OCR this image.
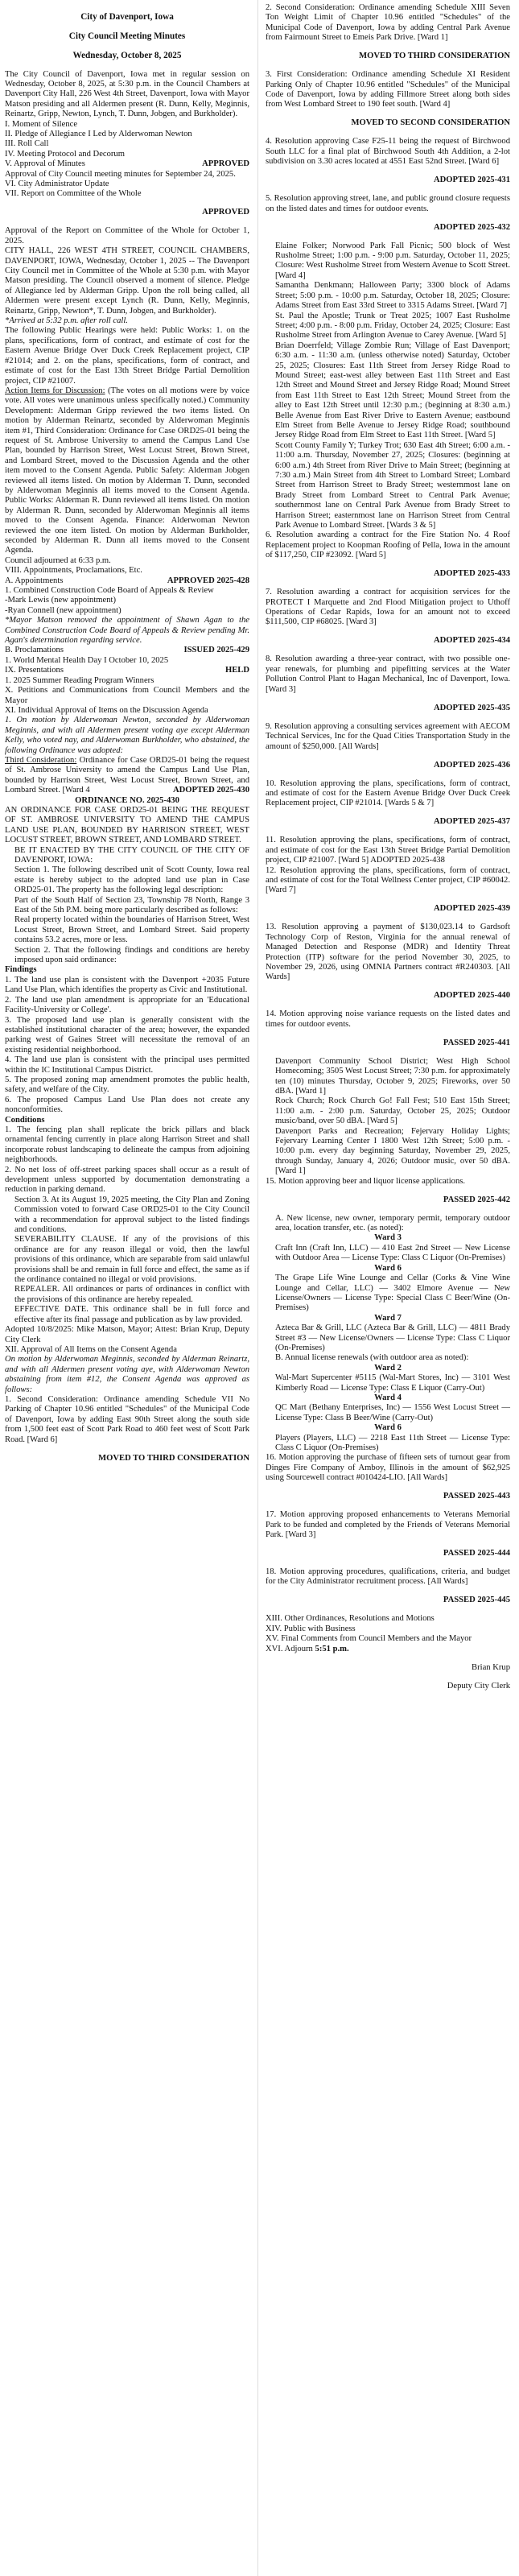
City of Davenport, Iowa

City Council Meeting Minutes

Wednesday, October 8, 2025

The City Council of Davenport, Iowa met in regular session on Wednesday, October 8, 2025, at 5:30 p.m. in the Council Chambers at Davenport City Hall, 226 West 4th Street, Davenport, Iowa with Mayor Matson presiding and all Aldermen present (R. Dunn, Kelly, Meginnis, Reinartz, Gripp, Newton, Lynch, T. Dunn, Jobgen, and Burkholder).

I. Moment of Silence

II. Pledge of Allegiance I Led by Alderwoman Newton

III. Roll Call

IV. Meeting Protocol and Decorum

V. Approval of Minutes	APPROVED

Approval of City Council meeting minutes for September 24, 2025.

VI. City Administrator Update

VII. Report on Committee of the Whole

APPROVED

Approval of the Report on Committee of the Whole for October 1, 2025.

CITY HALL, 226 WEST 4TH STREET, COUNCIL CHAMBERS, DAVENPORT, IOWA, Wednesday, October 1, 2025 -- The Davenport City Council met in Committee of the Whole at 5:30 p.m. with Mayor Matson presiding. The Council observed a moment of silence. Pledge of Allegiance led by Alderman Gripp. Upon the roll being called, all Aldermen were present except Lynch (R. Dunn, Kelly, Meginnis, Reinartz, Gripp, Newton*, T. Dunn, Jobgen, and Burkholder).

*Arrived at 5:32 p.m. after roll call.

The following Public Hearings were held: Public Works: 1. on the plans, specifications, form of contract, and estimate of cost for the Eastern Avenue Bridge Over Duck Creek Replacement project, CIP #21014; and 2. on the plans, specifications, form of contract, and estimate of cost for the East 13th Street Bridge Partial Demolition project, CIP #21007.

Action Items for Discussion: (The votes on all motions were by voice vote. All votes were unanimous unless specifically noted.) Community Development: Alderman Gripp reviewed the two items listed. On motion by Alderman Reinartz, seconded by Alderwoman Meginnis item #1, Third Consideration: Ordinance for Case ORD25-01 being the request of St. Ambrose University to amend the Campus Land Use Plan, bounded by Harrison Street, West Locust Street, Brown Street, and Lombard Street, moved to the Discussion Agenda and the other item moved to the Consent Agenda. Public Safety: Alderman Jobgen reviewed all items listed. On motion by Alderman T. Dunn, seconded by Alderwoman Meginnis all items moved to the Consent Agenda. Public Works: Alderman R. Dunn reviewed all items listed. On motion by Alderman R. Dunn, seconded by Alderwoman Meginnis all items moved to the Consent Agenda. Finance: Alderwoman Newton reviewed the one item listed. On motion by Alderman Burkholder, seconded by Alderman R. Dunn all items moved to the Consent Agenda.

Council adjourned at 6:33 p.m.

VIII. Appointments, Proclamations, Etc.

A. Appointments	APPROVED 2025-428

1. Combined Construction Code Board of Appeals & Review

-Mark Lewis (new appointment)

-Ryan Connell (new appointment)

*Mayor Matson removed the appointment of Shawn Agan to the Combined Construction Code Board of Appeals & Review pending Mr. Agan's determination regarding service.

B. Proclamations	ISSUED 2025-429

1. World Mental Health Day I October 10, 2025

IX. Presentations	HELD

1. 2025 Summer Reading Program Winners

X. Petitions and Communications from Council Members and the Mayor

XI. Individual Approval of Items on the Discussion Agenda

1. On motion by Alderwoman Newton, seconded by Alderwoman Meginnis, and with all Aldermen present voting aye except Alderman Kelly, who voted nay, and Alderwoman Burkholder, who abstained, the following Ordinance was adopted:

Third Consideration: Ordinance for Case ORD25-01 being the request of St. Ambrose University to amend the Campus Land Use Plan, bounded by Harrison Street, West Locust Street, Brown Street, and Lombard Street. [Ward 4	ADOPTED 2025-430

ORDINANCE NO. 2025-430

AN ORDINANCE FOR CASE ORD25-01 BEING THE REQUEST OF ST. AMBROSE UNIVERSITY TO AMEND THE CAMPUS LAND USE PLAN, BOUNDED BY HARRISON STREET, WEST LOCUST STREET, BROWN STREET, AND LOMBARD STREET.

BE IT ENACTED BY THE CITY COUNCIL OF THE CITY OF DAVENPORT, IOWA:

Section 1. The following described unit of Scott County, Iowa real estate is hereby subject to the adopted land use plan in Case ORD25-01. The property has the following legal description:

Part of the South Half of Section 23, Township 78 North, Range 3 East of the 5th P.M. being more particularly described as follows:

Real property located within the boundaries of Harrison Street, West Locust Street, Brown Street, and Lombard Street. Said property contains 53.2 acres, more or less.

Section 2. That the following findings and conditions are hereby imposed upon said ordinance:

Findings

1. The land use plan is consistent with the Davenport +2035 Future Land Use Plan, which identifies the property as Civic and Institutional.

2. The land use plan amendment is appropriate for an 'Educational Facility-University or College'.

3. The proposed land use plan is generally consistent with the established institutional character of the area; however, the expanded parking west of Gaines Street will necessitate the removal of an existing residential neighborhood.

4. The land use plan is consistent with the principal uses permitted within the IC Institutional Campus District.

5. The proposed zoning map amendment promotes the public health, safety, and welfare of the City.

6. The proposed Campus Land Use Plan does not create any nonconformities.

Conditions

1. The fencing plan shall replicate the brick pillars and black ornamental fencing currently in place along Harrison Street and shall incorporate robust landscaping to delineate the campus from adjoining neighborhoods.

2. No net loss of off-street parking spaces shall occur as a result of development unless supported by documentation demonstrating a reduction in parking demand.

Section 3. At its August 19, 2025 meeting, the City Plan and Zoning Commission voted to forward Case ORD25-01 to the City Council with a recommendation for approval subject to the listed findings and conditions.

SEVERABILITY CLAUSE. If any of the provisions of this ordinance are for any reason illegal or void, then the lawful provisions of this ordinance, which are separable from said unlawful provisions shall be and remain in full force and effect, the same as if the ordinance contained no illegal or void provisions.

REPEALER. All ordinances or parts of ordinances in conflict with the provisions of this ordinance are hereby repealed.

EFFECTIVE DATE. This ordinance shall be in full force and effective after its final passage and publication as by law provided.

Adopted 10/8/2025: Mike Matson, Mayor; Attest: Brian Krup, Deputy City Clerk

XII. Approval of All Items on the Consent Agenda

On motion by Alderwoman Meginnis, seconded by Alderman Reinartz, and with all Aldermen present voting aye, with Alderwoman Newton abstaining from item #12, the Consent Agenda was approved as follows:

1. Second Consideration: Ordinance amending Schedule VII No Parking of Chapter 10.96 entitled "Schedules" of the Municipal Code of Davenport, Iowa by adding East 90th Street along the south side from 1,500 feet east of Scott Park Road to 460 feet west of Scott Park Road. [Ward 6]

MOVED TO THIRD CONSIDERATION

2. Second Consideration: Ordinance amending Schedule XIII Seven Ton Weight Limit of Chapter 10.96 entitled "Schedules" of the Municipal Code of Davenport, Iowa by adding Central Park Avenue from Fairmount Street to Emeis Park Drive. [Ward 1]

MOVED TO THIRD CONSIDERATION

3. First Consideration: Ordinance amending Schedule XI Resident Parking Only of Chapter 10.96 entitled "Schedules" of the Municipal Code of Davenport, Iowa by adding Fillmore Street along both sides from West Lombard Street to 190 feet south. [Ward 4]

MOVED TO SECOND CONSIDERATION

4. Resolution approving Case F25-11 being the request of Birchwood South LLC for a final plat of Birchwood South 4th Addition, a 2-lot subdivision on 3.30 acres located at 4551 East 52nd Street. [Ward 6]

ADOPTED 2025-431

5. Resolution approving street, lane, and public ground closure requests on the listed dates and times for outdoor events.

ADOPTED 2025-432

Elaine Folker; Norwood Park Fall Picnic; 500 block of West Rusholme Street; 1:00 p.m. - 9:00 p.m. Saturday, October 11, 2025; Closure: West Rusholme Street from Western Avenue to Scott Street. [Ward 4]

Samantha Denkmann; Halloween Party; 3300 block of Adams Street; 5:00 p.m. - 10:00 p.m. Saturday, October 18, 2025; Closure: Adams Street from East 33rd Street to 3315 Adams Street. [Ward 7]

St. Paul the Apostle; Trunk or Treat 2025; 1007 East Rusholme Street; 4:00 p.m. - 8:00 p.m. Friday, October 24, 2025; Closure: East Rusholme Street from Arlington Avenue to Carey Avenue. [Ward 5]

Brian Doerrfeld; Village Zombie Run; Village of East Davenport; 6:30 a.m. - 11:30 a.m. (unless otherwise noted) Saturday, October 25, 2025; Closures: East 11th Street from Jersey Ridge Road to Mound Street; east-west alley between East 11th Street and East 12th Street and Mound Street and Jersey Ridge Road; Mound Street from East 11th Street to East 12th Street; Mound Street from the alley to East 12th Street until 12:30 p.m.; (beginning at 8:30 a.m.) Belle Avenue from East River Drive to Eastern Avenue; eastbound Elm Street from Belle Avenue to Jersey Ridge Road; southbound Jersey Ridge Road from Elm Street to East 11th Street. [Ward 5]

Scott County Family Y; Turkey Trot; 630 East 4th Street; 6:00 a.m. - 11:00 a.m. Thursday, November 27, 2025; Closures: (beginning at 6:00 a.m.) 4th Street from River Drive to Main Street; (beginning at 7:30 a.m.) Main Street from 4th Street to Lombard Street; Lombard Street from Harrison Street to Brady Street; westernmost lane on Brady Street from Lombard Street to Central Park Avenue; southernmost lane on Central Park Avenue from Brady Street to Harrison Street; easternmost lane on Harrison Street from Central Park Avenue to Lombard Street. [Wards 3 & 5]

6. Resolution awarding a contract for the Fire Station No. 4 Roof Replacement project to Koopman Roofing of Pella, Iowa in the amount of $117,250, CIP #23092. [Ward 5]

ADOPTED 2025-433

7. Resolution awarding a contract for acquisition services for the PROTECT I Marquette and 2nd Flood Mitigation project to Uthoff Operations of Cedar Rapids, Iowa for an amount not to exceed $111,500, CIP #68025. [Ward 3]

ADOPTED 2025-434

8. Resolution awarding a three-year contract, with two possible one-year renewals, for plumbing and pipefitting services at the Water Pollution Control Plant to Hagan Mechanical, Inc of Davenport, Iowa. [Ward 3]

ADOPTED 2025-435

9. Resolution approving a consulting services agreement with AECOM Technical Services, Inc for the Quad Cities Transportation Study in the amount of $250,000. [All Wards]

ADOPTED 2025-436

10. Resolution approving the plans, specifications, form of contract, and estimate of cost for the Eastern Avenue Bridge Over Duck Creek Replacement project, CIP #21014. [Wards 5 & 7]

ADOPTED 2025-437

11. Resolution approving the plans, specifications, form of contract, and estimate of cost for the East 13th Street Bridge Partial Demolition project, CIP #21007. [Ward 5] ADOPTED 2025-438

12. Resolution approving the plans, specifications, form of contract, and estimate of cost for the Total Wellness Center project, CIP #60042. [Ward 7]

ADOPTED 2025-439

13. Resolution approving a payment of $130,023.14 to Gardsoft Technology Corp of Reston, Virginia for the annual renewal of Managed Detection and Response (MDR) and Identity Threat Protection (ITP) software for the period November 30, 2025, to November 29, 2026, using OMNIA Partners contract #R240303. [All Wards]

ADOPTED 2025-440

14. Motion approving noise variance requests on the listed dates and times for outdoor events.

PASSED 2025-441

Davenport Community School District; West High School Homecoming; 3505 West Locust Street; 7:30 p.m. for approximately ten (10) minutes Thursday, October 9, 2025; Fireworks, over 50 dBA. [Ward 1]

Rock Church; Rock Church Go! Fall Fest; 510 East 15th Street; 11:00 a.m. - 2:00 p.m. Saturday, October 25, 2025; Outdoor music/band, over 50 dBA. [Ward 5]

Davenport Parks and Recreation; Fejervary Holiday Lights; Fejervary Learning Center I 1800 West 12th Street; 5:00 p.m. - 10:00 p.m. every day beginning Saturday, November 29, 2025, through Sunday, January 4, 2026; Outdoor music, over 50 dBA. [Ward 1]

15. Motion approving beer and liquor license applications.

PASSED 2025-442

A. New license, new owner, temporary permit, temporary outdoor area, location transfer, etc. (as noted):

Ward 3

Craft Inn (Craft Inn, LLC) — 410 East 2nd Street — New License with Outdoor Area — License Type: Class C Liquor (On-Premises)

Ward 6

The Grape Life Wine Lounge and Cellar (Corks & Vine Wine Lounge and Cellar, LLC) — 3402 Elmore Avenue — New License/Owners — License Type: Special Class C Beer/Wine (On-Premises)

Ward 7

Azteca Bar & Grill, LLC (Azteca Bar & Grill, LLC) — 4811 Brady Street #3 — New License/Owners — License Type: Class C Liquor (On-Premises)

B. Annual license renewals (with outdoor area as noted):

Ward 2

Wal-Mart Supercenter #5115 (Wal-Mart Stores, Inc) — 3101 West Kimberly Road — License Type: Class E Liquor (Carry-Out)

Ward 4

QC Mart (Bethany Enterprises, Inc) — 1556 West Locust Street — License Type: Class B Beer/Wine (Carry-Out)

Ward 6

Players (Players, LLC) — 2218 East 11th Street — License Type: Class C Liquor (On-Premises)

16. Motion approving the purchase of fifteen sets of turnout gear from Dinges Fire Company of Amboy, Illinois in the amount of $62,925 using Sourcewell contract #010424-LIO. [All Wards]

PASSED 2025-443

17. Motion approving proposed enhancements to Veterans Memorial Park to be funded and completed by the Friends of Veterans Memorial Park. [Ward 3]

PASSED 2025-444

18. Motion approving procedures, qualifications, criteria, and budget for the City Administrator recruitment process. [All Wards]

PASSED 2025-445

XIII. Other Ordinances, Resolutions and Motions

XIV. Public with Business

XV. Final Comments from Council Members and the Mayor

XVI. Adjourn 5:51 p.m.

Brian Krup

Deputy City Clerk
